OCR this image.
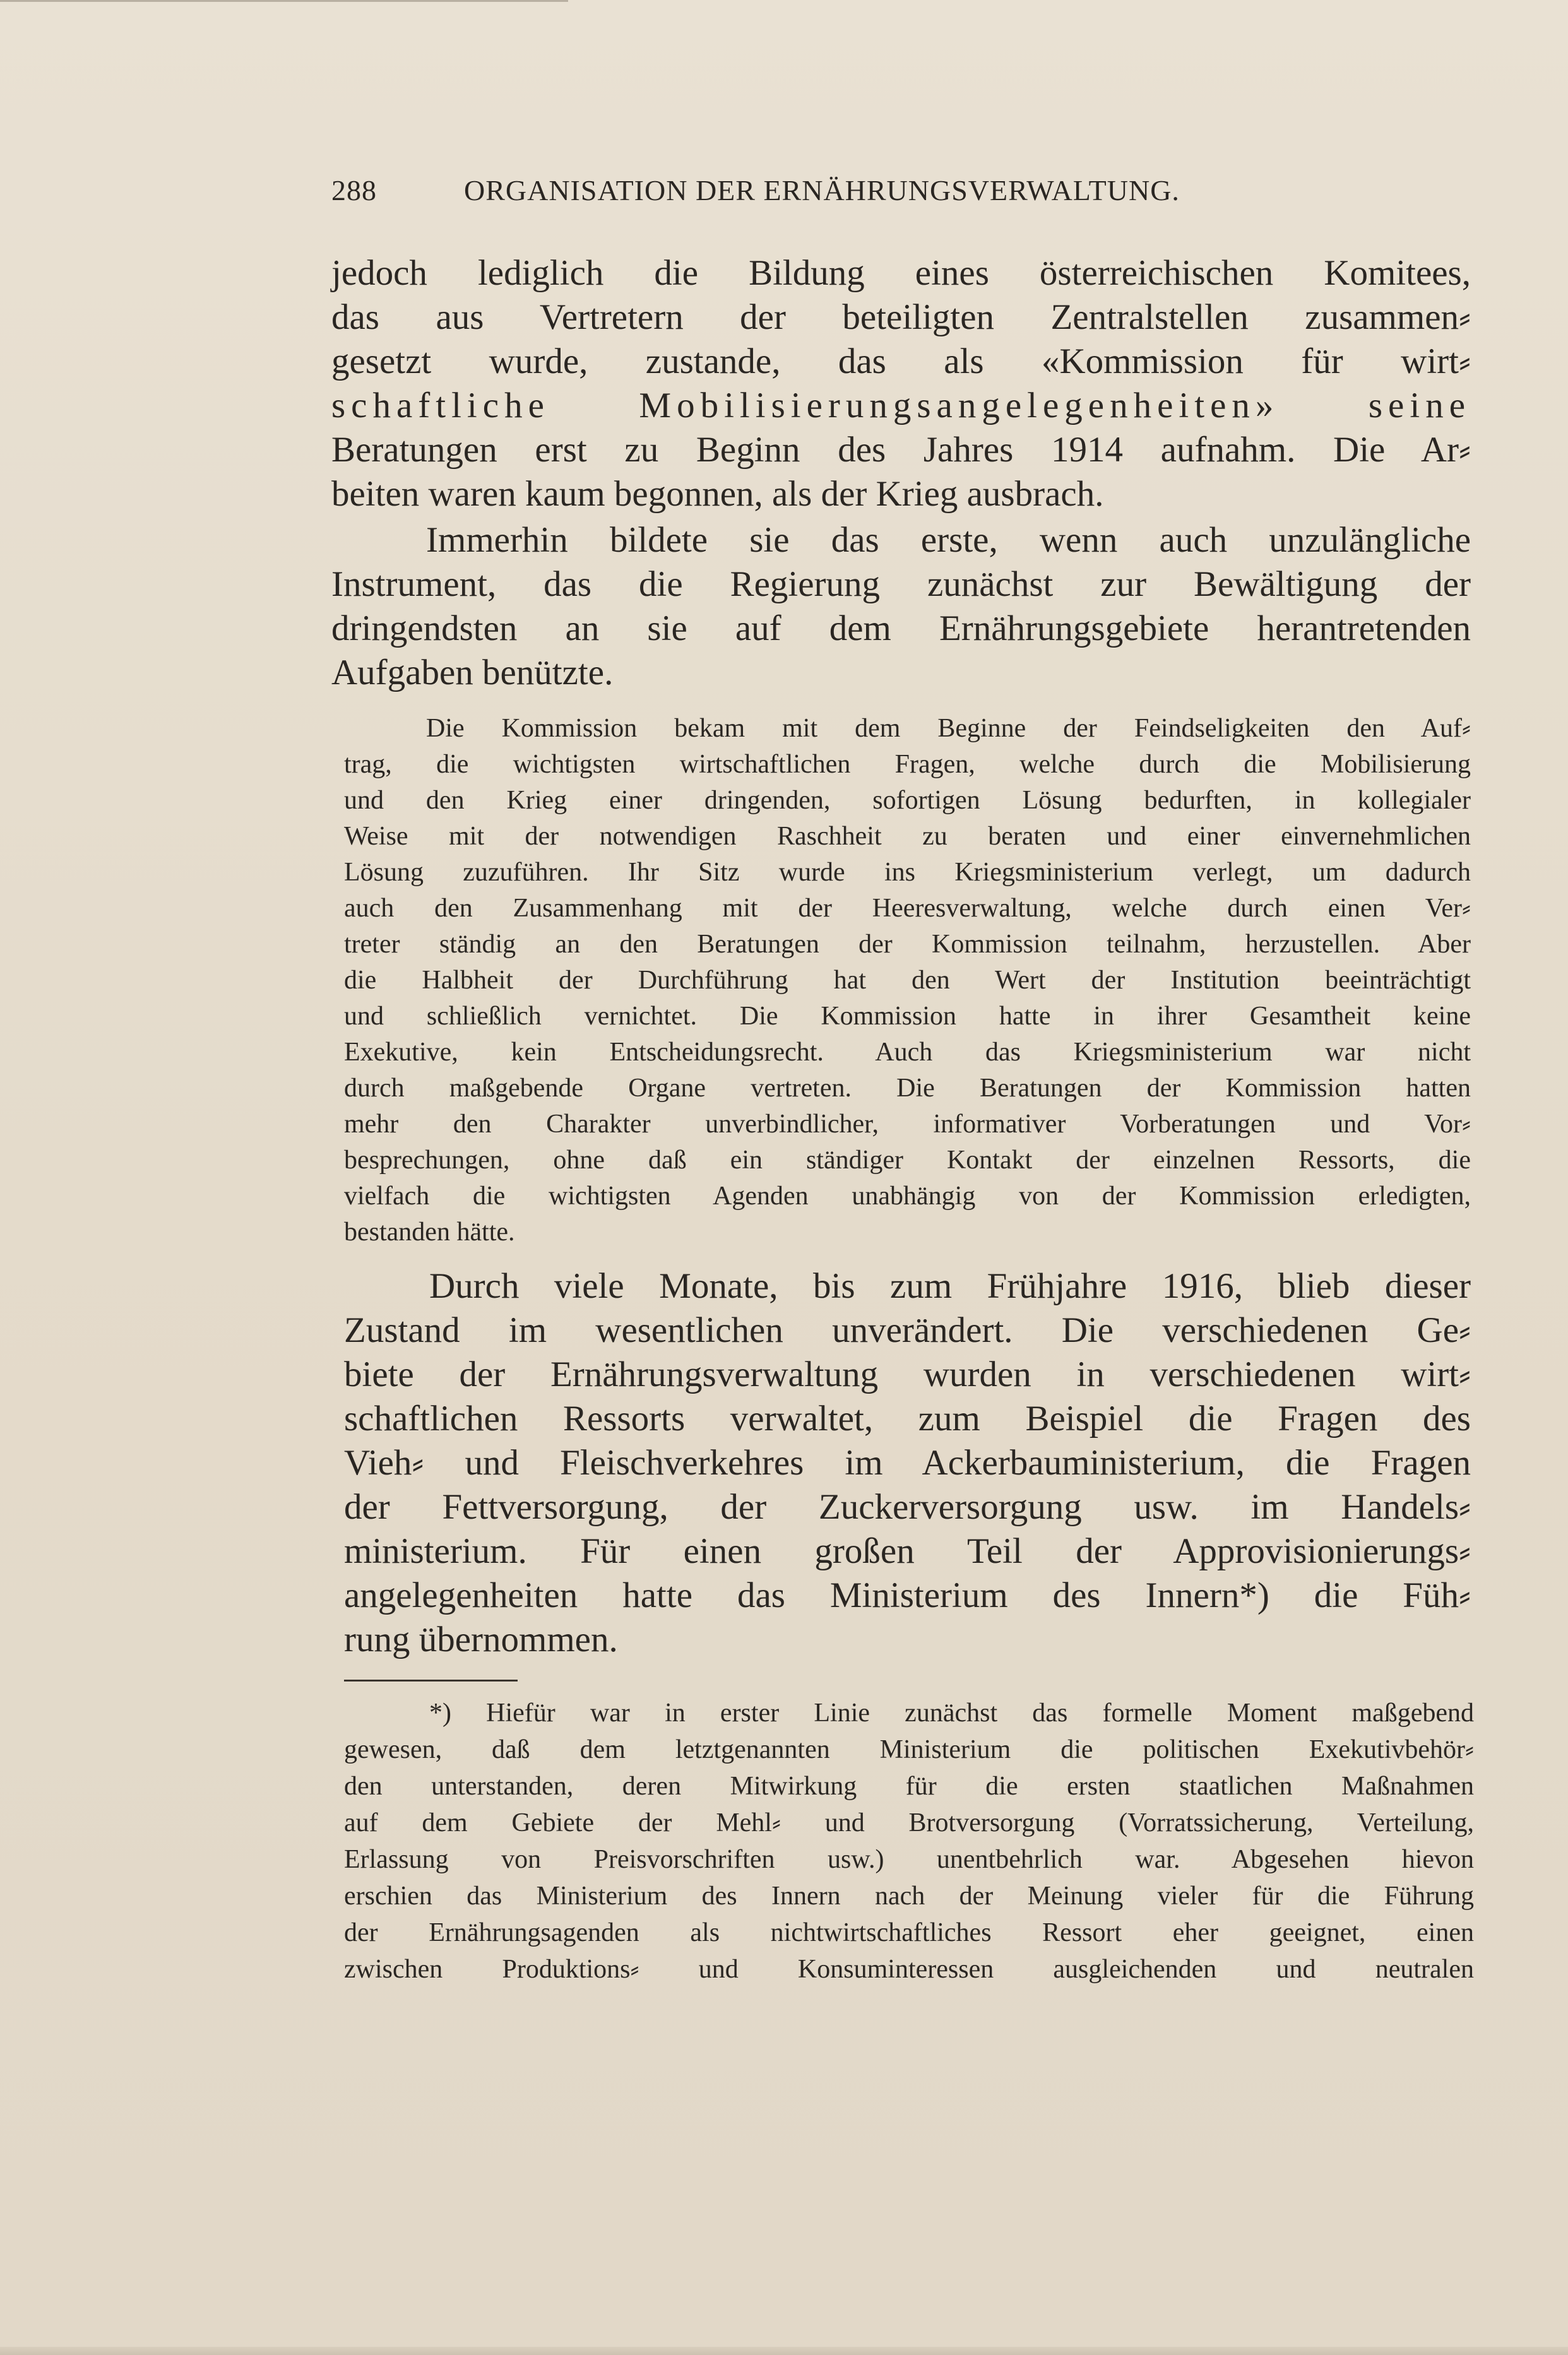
288	ORGANISATION DER ERNÄHRUNGSVERWALTUNG.
jedoch lediglich die Bildung eines österreichischen Komitees,
das aus Vertretern der beteiligten Zentralstellen zusammen⸗
gesetzt wurde, zustande, das als «Kommission für wirt⸗
schaftliche Mobilisierungsangelegenheiten» seine
Beratungen erst zu Beginn des Jahres 1914 aufnahm. Die Ar⸗
beiten waren kaum begonnen, als der Krieg ausbrach.
Immerhin bildete sie das erste, wenn auch unzulängliche
Instrument, das die Regierung zunächst zur Bewältigung der
dringendsten an sie auf dem Ernährungsgebiete herantretenden
Aufgaben benützte.
Die Kommission bekam mit dem Beginne der Feindseligkeiten den Auf⸗
trag, die wichtigsten wirtschaftlichen Fragen, welche durch die Mobilisierung
und den Krieg einer dringenden, sofortigen Lösung bedurften, in kollegialer
Weise mit der notwendigen Raschheit zu beraten und einer einvernehmlichen
Lösung zuzuführen. Ihr Sitz wurde ins Kriegsministerium verlegt, um dadurch
auch den Zusammenhang mit der Heeresverwaltung, welche durch einen Ver⸗
treter ständig an den Beratungen der Kommission teilnahm, herzustellen. Aber
die Halbheit der Durchführung hat den Wert der Institution beeinträchtigt
und schließlich vernichtet. Die Kommission hatte in ihrer Gesamtheit keine
Exekutive, kein Entscheidungsrecht. Auch das Kriegsministerium war nicht
durch maßgebende Organe vertreten. Die Beratungen der Kommission hatten
mehr den Charakter unverbindlicher, informativer Vorberatungen und Vor⸗
besprechungen, ohne daß ein ständiger Kontakt der einzelnen Ressorts, die
vielfach die wichtigsten Agenden unabhängig von der Kommission erledigten,
bestanden hätte.
Durch viele Monate, bis zum Frühjahre 1916, blieb dieser
Zustand im wesentlichen unverändert. Die verschiedenen Ge⸗
biete der Ernährungsverwaltung wurden in verschiedenen wirt⸗
schaftlichen Ressorts verwaltet, zum Beispiel die Fragen des
Vieh⸗ und Fleischverkehres im Ackerbauministerium, die Fragen
der Fettversorgung, der Zuckerversorgung usw. im Handels⸗
ministerium. Für einen großen Teil der Approvisionierungs⸗
angelegenheiten hatte das Ministerium des Innern*) die Füh⸗
rung übernommen.
*) Hiefür war in erster Linie zunächst das formelle Moment maßgebend
gewesen, daß dem letztgenannten Ministerium die politischen Exekutivbehör⸗
den unterstanden, deren Mitwirkung für die ersten staatlichen Maßnahmen
auf dem Gebiete der Mehl⸗ und Brotversorgung (Vorratssicherung, Verteilung,
Erlassung von Preisvorschriften usw.) unentbehrlich war. Abgesehen hievon
erschien das Ministerium des Innern nach der Meinung vieler für die Führung
der Ernährungsagenden als nichtwirtschaftliches Ressort eher geeignet, einen
zwischen Produktions⸗ und Konsuminteressen ausgleichenden und neutralen
